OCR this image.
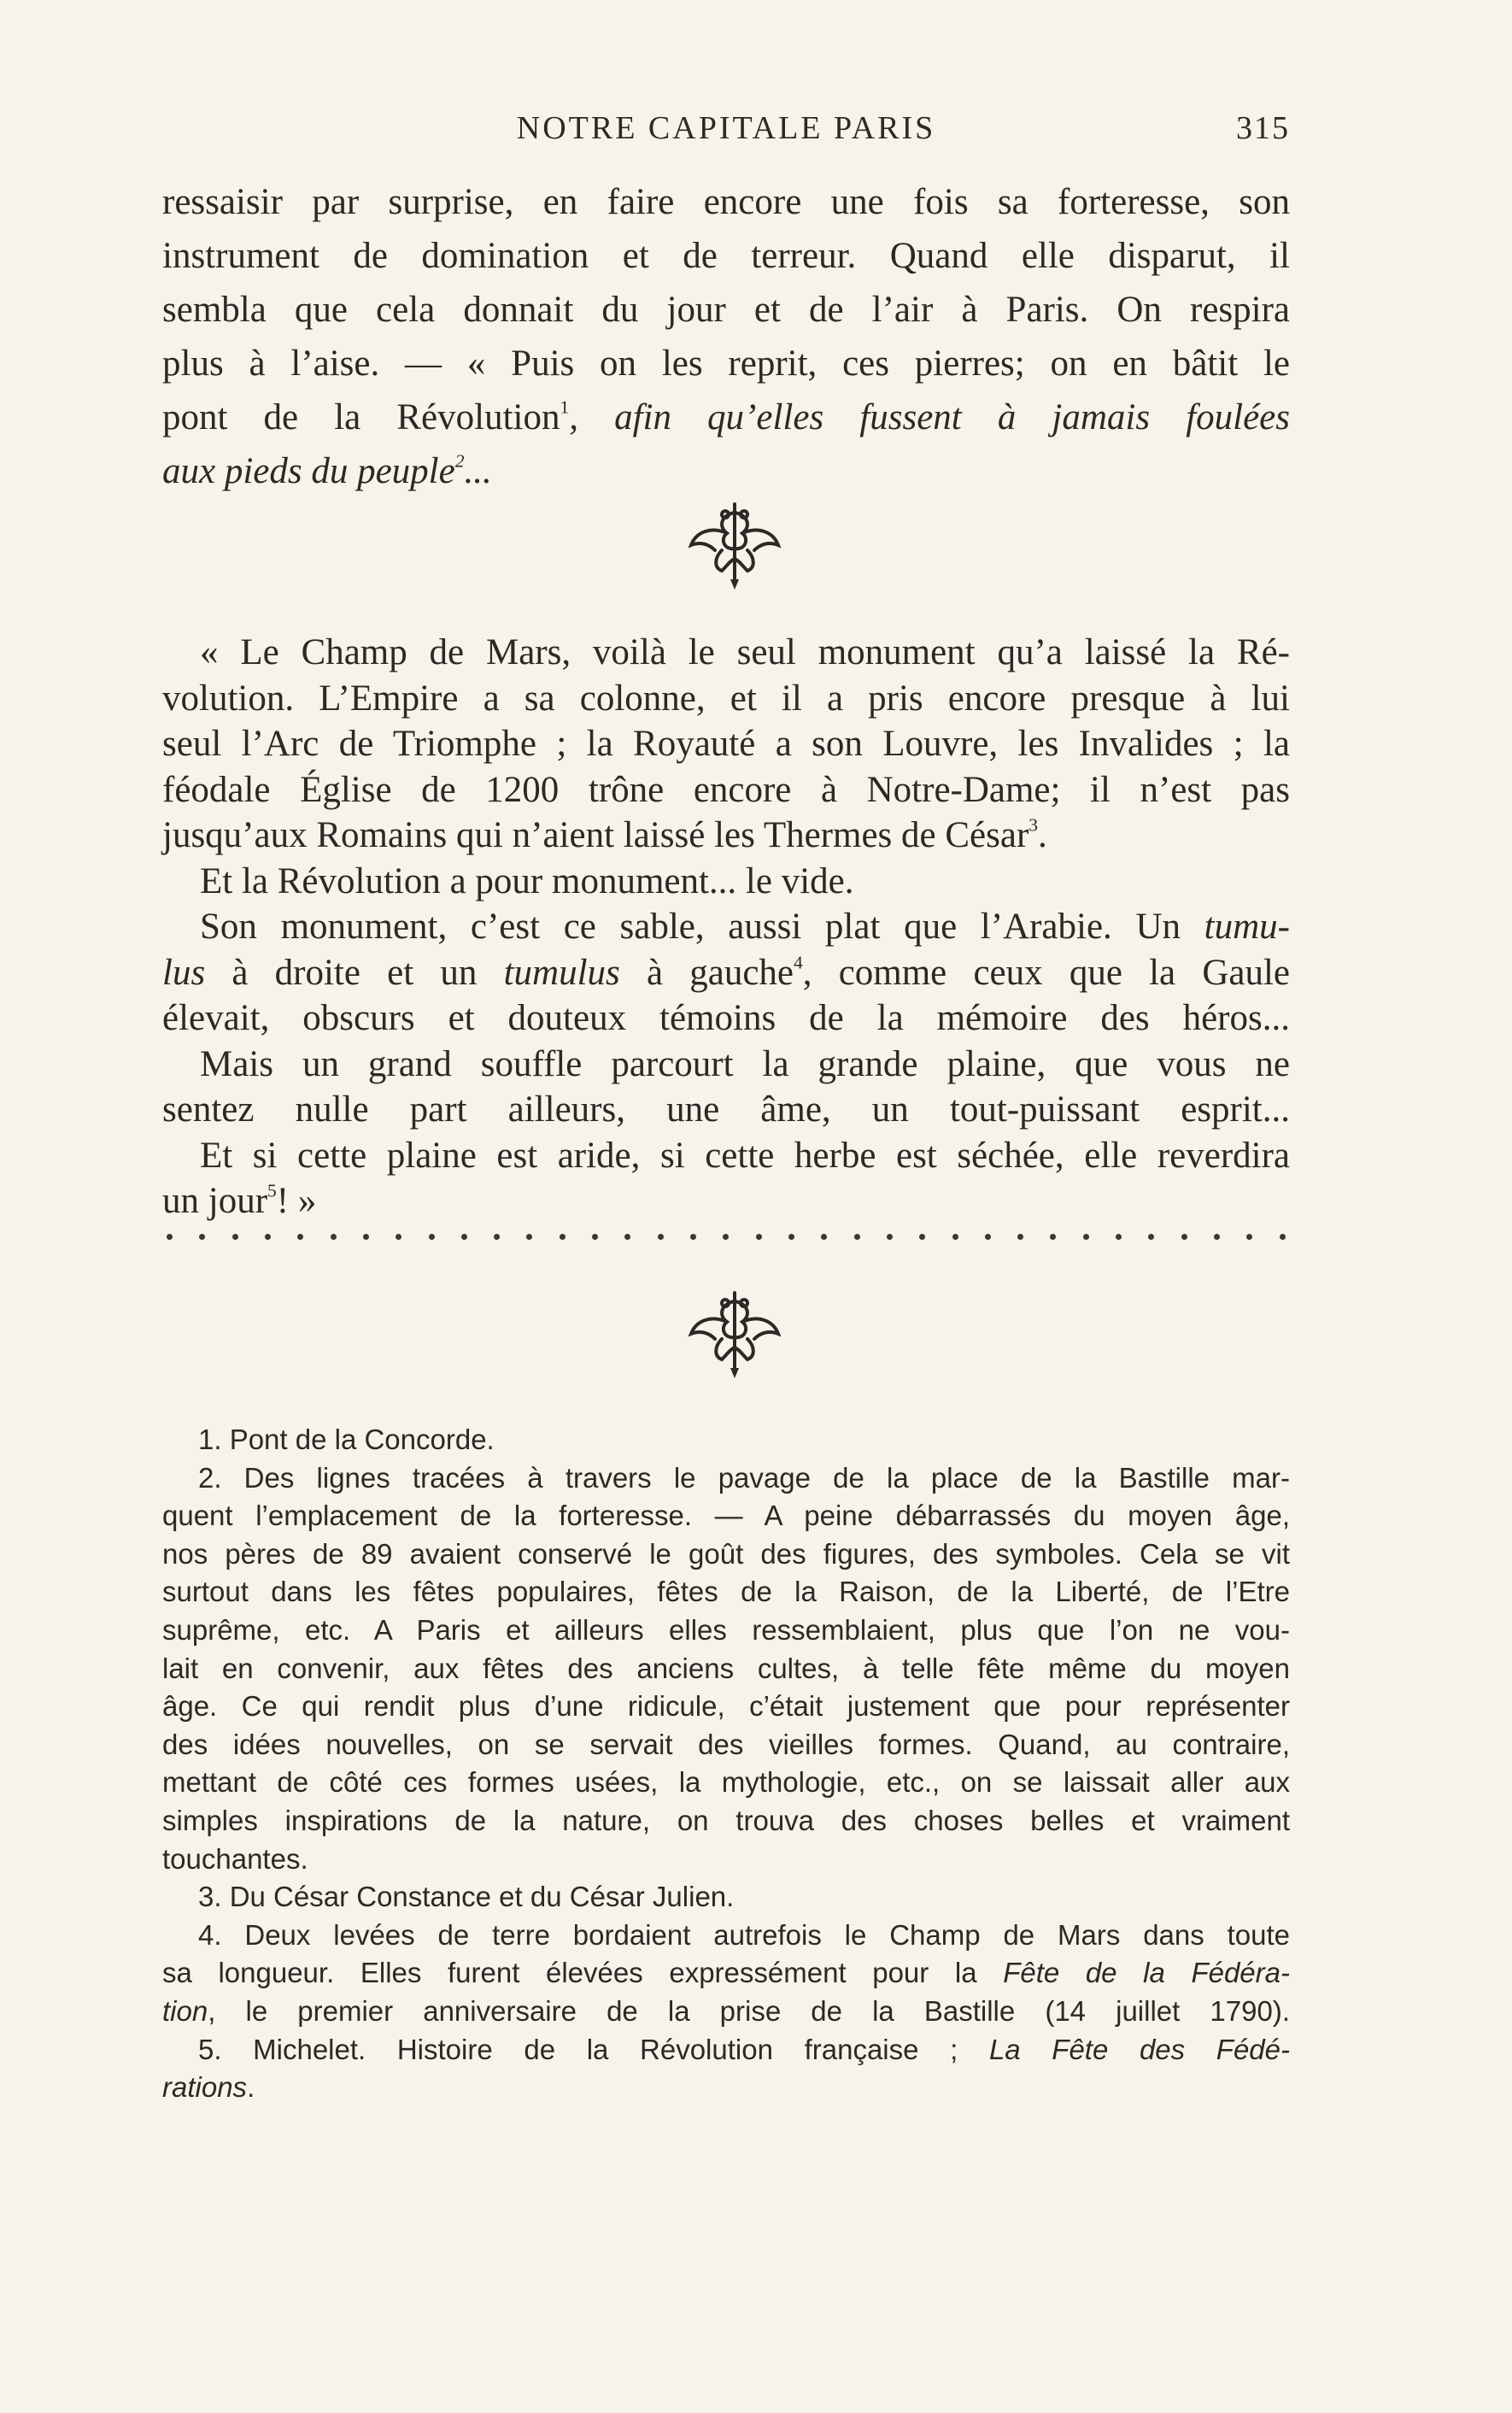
NOTRE CAPITALE PARIS	315
ressaisir par surprise, en faire encore une fois sa forteresse, son
instrument de domination et de terreur. Quand elle disparut, il
sembla que cela donnait du jour et de l’air à Paris. On respira
plus à l’aise. — « Puis on les reprit, ces pierres; on en bâtit le
pont de la Révolution$^1$, afin qu’elles fussent à jamais foulées
aux pieds du peuple$^2$...
« Le Champ de Mars, voilà le seul monument qu’a laissé la Ré-
volution. L’Empire a sa colonne, et il a pris encore presque à lui
seul l’Arc de Triomphe ; la Royauté a son Louvre, les Invalides ; la
féodale Église de 1200 trône encore à Notre-Dame; il n’est pas
jusqu’aux Romains qui n’aient laissé les Thermes de César$^3$.
Et la Révolution a pour monument... le vide.
Son monument, c’est ce sable, aussi plat que l’Arabie. Un tumu-
lus à droite et un tumulus à gauche$^4$, comme ceux que la Gaule
élevait, obscurs et douteux témoins de la mémoire des héros...
Mais un grand souffle parcourt la grande plaine, que vous ne
sentez nulle part ailleurs, une âme, un tout-puissant esprit...
Et si cette plaine est aride, si cette herbe est séchée, elle reverdira
un jour$^5$! »
1. Pont de la Concorde.
2. Des lignes tracées à travers le pavage de la place de la Bastille mar-
quent l’emplacement de la forteresse. — A peine débarrassés du moyen âge,
nos pères de 89 avaient conservé le goût des figures, des symboles. Cela se vit
surtout dans les fêtes populaires, fêtes de la Raison, de la Liberté, de l’Etre
suprême, etc. A Paris et ailleurs elles ressemblaient, plus que l’on ne vou-
lait en convenir, aux fêtes des anciens cultes, à telle fête même du moyen
âge. Ce qui rendit plus d’une ridicule, c’était justement que pour représenter
des idées nouvelles, on se servait des vieilles formes. Quand, au contraire,
mettant de côté ces formes usées, la mythologie, etc., on se laissait aller aux
simples inspirations de la nature, on trouva des choses belles et vraiment
touchantes.
3. Du César Constance et du César Julien.
4. Deux levées de terre bordaient autrefois le Champ de Mars dans toute
sa longueur. Elles furent élevées expressément pour la Fête de la Fédéra-
tion, le premier anniversaire de la prise de la Bastille (14 juillet 1790).
5. Michelet. Histoire de la Révolution française ; La Fête des Fédé-
rations.
